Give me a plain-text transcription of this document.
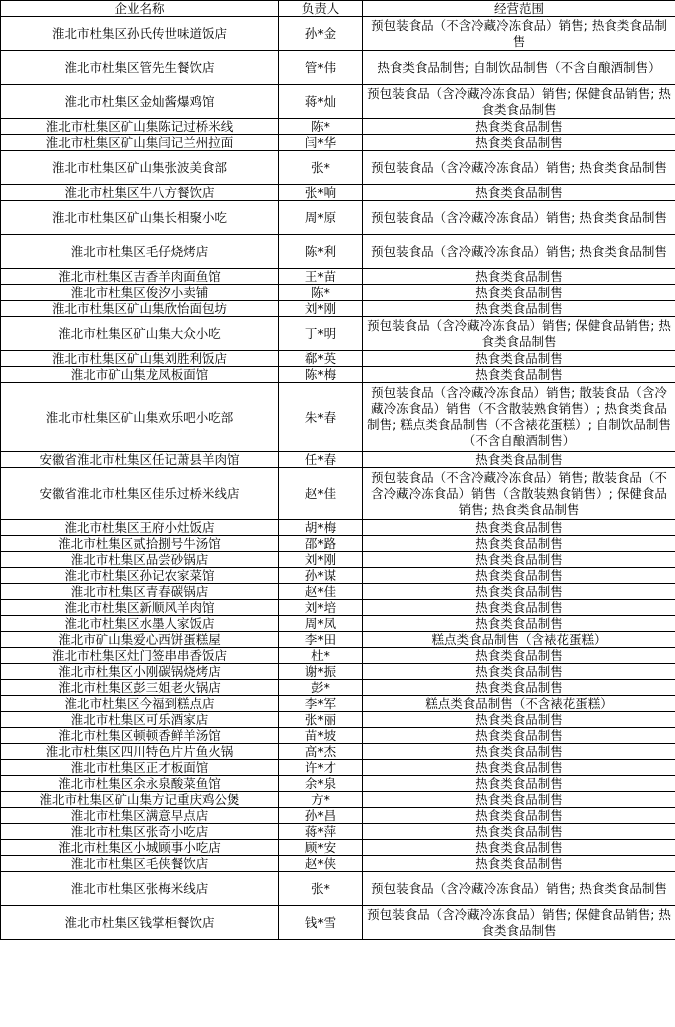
企业名称	负责人	经营范围
淮北市杜集区孙氏传世味道饭店	孙*金	预包装食品（不含冷藏冷冻食品）销售; 热食类食品制售
淮北市杜集区管先生餐饮店	管*伟	热食类食品制售; 自制饮品制售（不含自酿酒制售）
淮北市杜集区金灿酱爆鸡馆	蒋*灿	预包装食品（含冷藏冷冻食品）销售; 保健食品销售; 热食类食品制售
淮北市杜集区矿山集陈记过桥米线	陈*	热食类食品制售
淮北市杜集区矿山集闫记兰州拉面	闫*华	热食类食品制售
淮北市杜集区矿山集张波美食部	张*	预包装食品（含冷藏冷冻食品）销售; 热食类食品制售
淮北市杜集区牛八方餐饮店	张*响	热食类食品制售
淮北市杜集区矿山集长相聚小吃	周*原	预包装食品（含冷藏冷冻食品）销售; 热食类食品制售
淮北市杜集区毛仔烧烤店	陈*利	预包装食品（含冷藏冷冻食品）销售; 热食类食品制售
淮北市杜集区吉香羊肉面鱼馆	王*苗	热食类食品制售
淮北市杜集区俊汐小卖铺	陈*	热食类食品制售
淮北市杜集区矿山集欣怡面包坊	刘*刚	热食类食品制售
淮北市杜集区矿山集大众小吃	丁*明	预包装食品（含冷藏冷冻食品）销售; 保健食品销售; 热食类食品制售
淮北市杜集区矿山集刘胜利饭店	郗*英	热食类食品制售
淮北市矿山集龙凤板面馆	陈*梅	热食类食品制售
淮北市杜集区矿山集欢乐吧小吃部	朱*春	预包装食品（含冷藏冷冻食品）销售; 散装食品（含冷藏冷冻食品）销售（不含散装熟食销售）; 热食类食品制售; 糕点类食品制售（不含裱花蛋糕）; 自制饮品制售（不含自酿酒制售）
安徽省淮北市杜集区任记萧县羊肉馆	任*春	热食类食品制售
安徽省淮北市杜集区佳乐过桥米线店	赵*佳	预包装食品（不含冷藏冷冻食品）销售; 散装食品（不含冷藏冷冻食品）销售（含散装熟食销售）; 保健食品销售; 热食类食品制售
淮北市杜集区王府小灶饭店	胡*梅	热食类食品制售
淮北市杜集区贰拾捌号牛汤馆	邵*路	热食类食品制售
淮北市杜集区品尝砂锅店	刘*刚	热食类食品制售
淮北市杜集区孙记农家菜馆	孙*谋	热食类食品制售
淮北市杜集区青春碳锅店	赵*佳	热食类食品制售
淮北市杜集区新顺风羊肉馆	刘*培	热食类食品制售
淮北市杜集区水墨人家饭店	周*凤	热食类食品制售
淮北市矿山集爱心西饼蛋糕屋	李*田	糕点类食品制售（含裱花蛋糕）
淮北市杜集区灶门签串串香饭店	杜*	热食类食品制售
淮北市杜集区小刚碳锅烧烤店	谢*振	热食类食品制售
淮北市杜集区彭三姐老火锅店	彭*	热食类食品制售
淮北市杜集区今福到糕点店	李*军	糕点类食品制售（不含裱花蛋糕）
淮北市杜集区可乐酒家店	张*丽	热食类食品制售
淮北市杜集区顿顿香鲜羊汤馆	苗*坡	热食类食品制售
淮北市杜集区四川特色片片鱼火锅	高*杰	热食类食品制售
淮北市杜集区正才板面馆	许*才	热食类食品制售
淮北市杜集区余永泉酸菜鱼馆	余*泉	热食类食品制售
淮北市杜集区矿山集方记重庆鸡公煲	方*	热食类食品制售
淮北市杜集区满意早点店	孙*昌	热食类食品制售
淮北市杜集区张奇小吃店	蒋*萍	热食类食品制售
淮北市杜集区小城顾事小吃店	顾*安	热食类食品制售
淮北市杜集区毛侠餐饮店	赵*侠	热食类食品制售
淮北市杜集区张梅米线店	张*	预包装食品（含冷藏冷冻食品）销售; 热食类食品制售
淮北市杜集区钱掌柜餐饮店	钱*雪	预包装食品（含冷藏冷冻食品）销售; 保健食品销售; 热食类食品制售
